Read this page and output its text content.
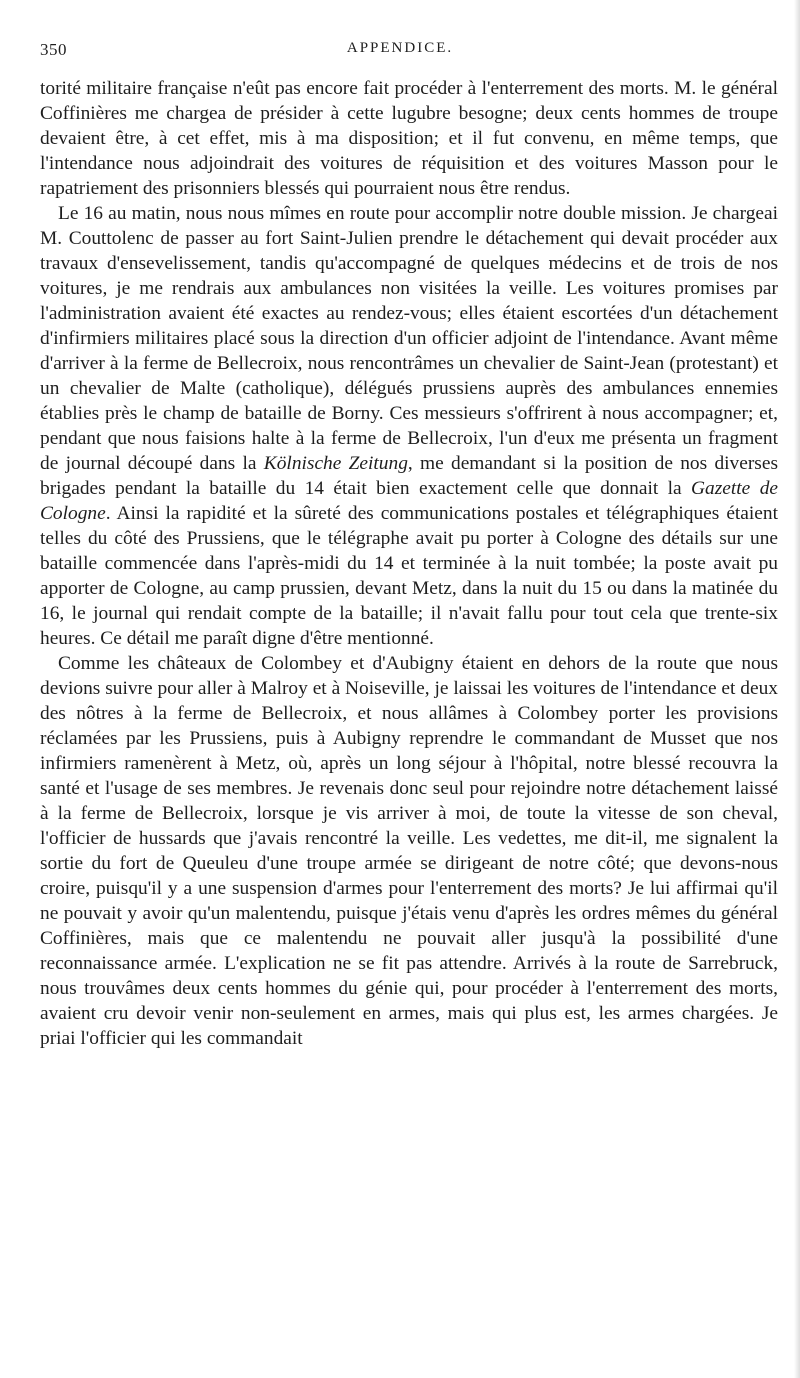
350	APPENDICE.

torité militaire française n'eût pas encore fait procéder à l'enterrement des morts. M. le général Coffinières me chargea de présider à cette lugubre besogne; deux cents hommes de troupe devaient être, à cet effet, mis à ma disposition; et il fut convenu, en même temps, que l'intendance nous adjoindrait des voitures de réquisition et des voitures Masson pour le rapatriement des prisonniers blessés qui pourraient nous être rendus.

Le 16 au matin, nous nous mîmes en route pour accomplir notre double mission. Je chargeai M. Couttolenc de passer au fort Saint-Julien prendre le détachement qui devait procéder aux travaux d'ensevelissement, tandis qu'accompagné de quelques médecins et de trois de nos voitures, je me rendrais aux ambulances non visitées la veille. Les voitures promises par l'administration avaient été exactes au rendez-vous; elles étaient escortées d'un détachement d'infirmiers militaires placé sous la direction d'un officier adjoint de l'intendance. Avant même d'arriver à la ferme de Bellecroix, nous rencontrâmes un chevalier de Saint-Jean (protestant) et un chevalier de Malte (catholique), délégués prussiens auprès des ambulances ennemies établies près le champ de bataille de Borny. Ces messieurs s'offrirent à nous accompagner; et, pendant que nous faisions halte à la ferme de Bellecroix, l'un d'eux me présenta un fragment de journal découpé dans la Kölnische Zeitung, me demandant si la position de nos diverses brigades pendant la bataille du 14 était bien exactement celle que donnait la Gazette de Cologne. Ainsi la rapidité et la sûreté des communications postales et télégraphiques étaient telles du côté des Prussiens, que le télégraphe avait pu porter à Cologne des détails sur une bataille commencée dans l'après-midi du 14 et terminée à la nuit tombée; la poste avait pu apporter de Cologne, au camp prussien, devant Metz, dans la nuit du 15 ou dans la matinée du 16, le journal qui rendait compte de la bataille; il n'avait fallu pour tout cela que trente-six heures. Ce détail me paraît digne d'être mentionné.

Comme les châteaux de Colombey et d'Aubigny étaient en dehors de la route que nous devions suivre pour aller à Malroy et à Noiseville, je laissai les voitures de l'intendance et deux des nôtres à la ferme de Bellecroix, et nous allâmes à Colombey porter les provisions réclamées par les Prussiens, puis à Aubigny reprendre le commandant de Musset que nos infirmiers ramenèrent à Metz, où, après un long séjour à l'hôpital, notre blessé recouvra la santé et l'usage de ses membres. Je revenais donc seul pour rejoindre notre détachement laissé à la ferme de Bellecroix, lorsque je vis arriver à moi, de toute la vitesse de son cheval, l'officier de hussards que j'avais rencontré la veille. Les vedettes, me dit-il, me signalent la sortie du fort de Queuleu d'une troupe armée se dirigeant de notre côté; que devons-nous croire, puisqu'il y a une suspension d'armes pour l'enterrement des morts? Je lui affirmai qu'il ne pouvait y avoir qu'un malentendu, puisque j'étais venu d'après les ordres mêmes du général Coffinières, mais que ce malentendu ne pouvait aller jusqu'à la possibilité d'une reconnaissance armée. L'explication ne se fit pas attendre. Arrivés à la route de Sarrebruck, nous trouvâmes deux cents hommes du génie qui, pour procéder à l'enterrement des morts, avaient cru devoir venir non-seulement en armes, mais qui plus est, les armes chargées. Je priai l'officier qui les commandait
